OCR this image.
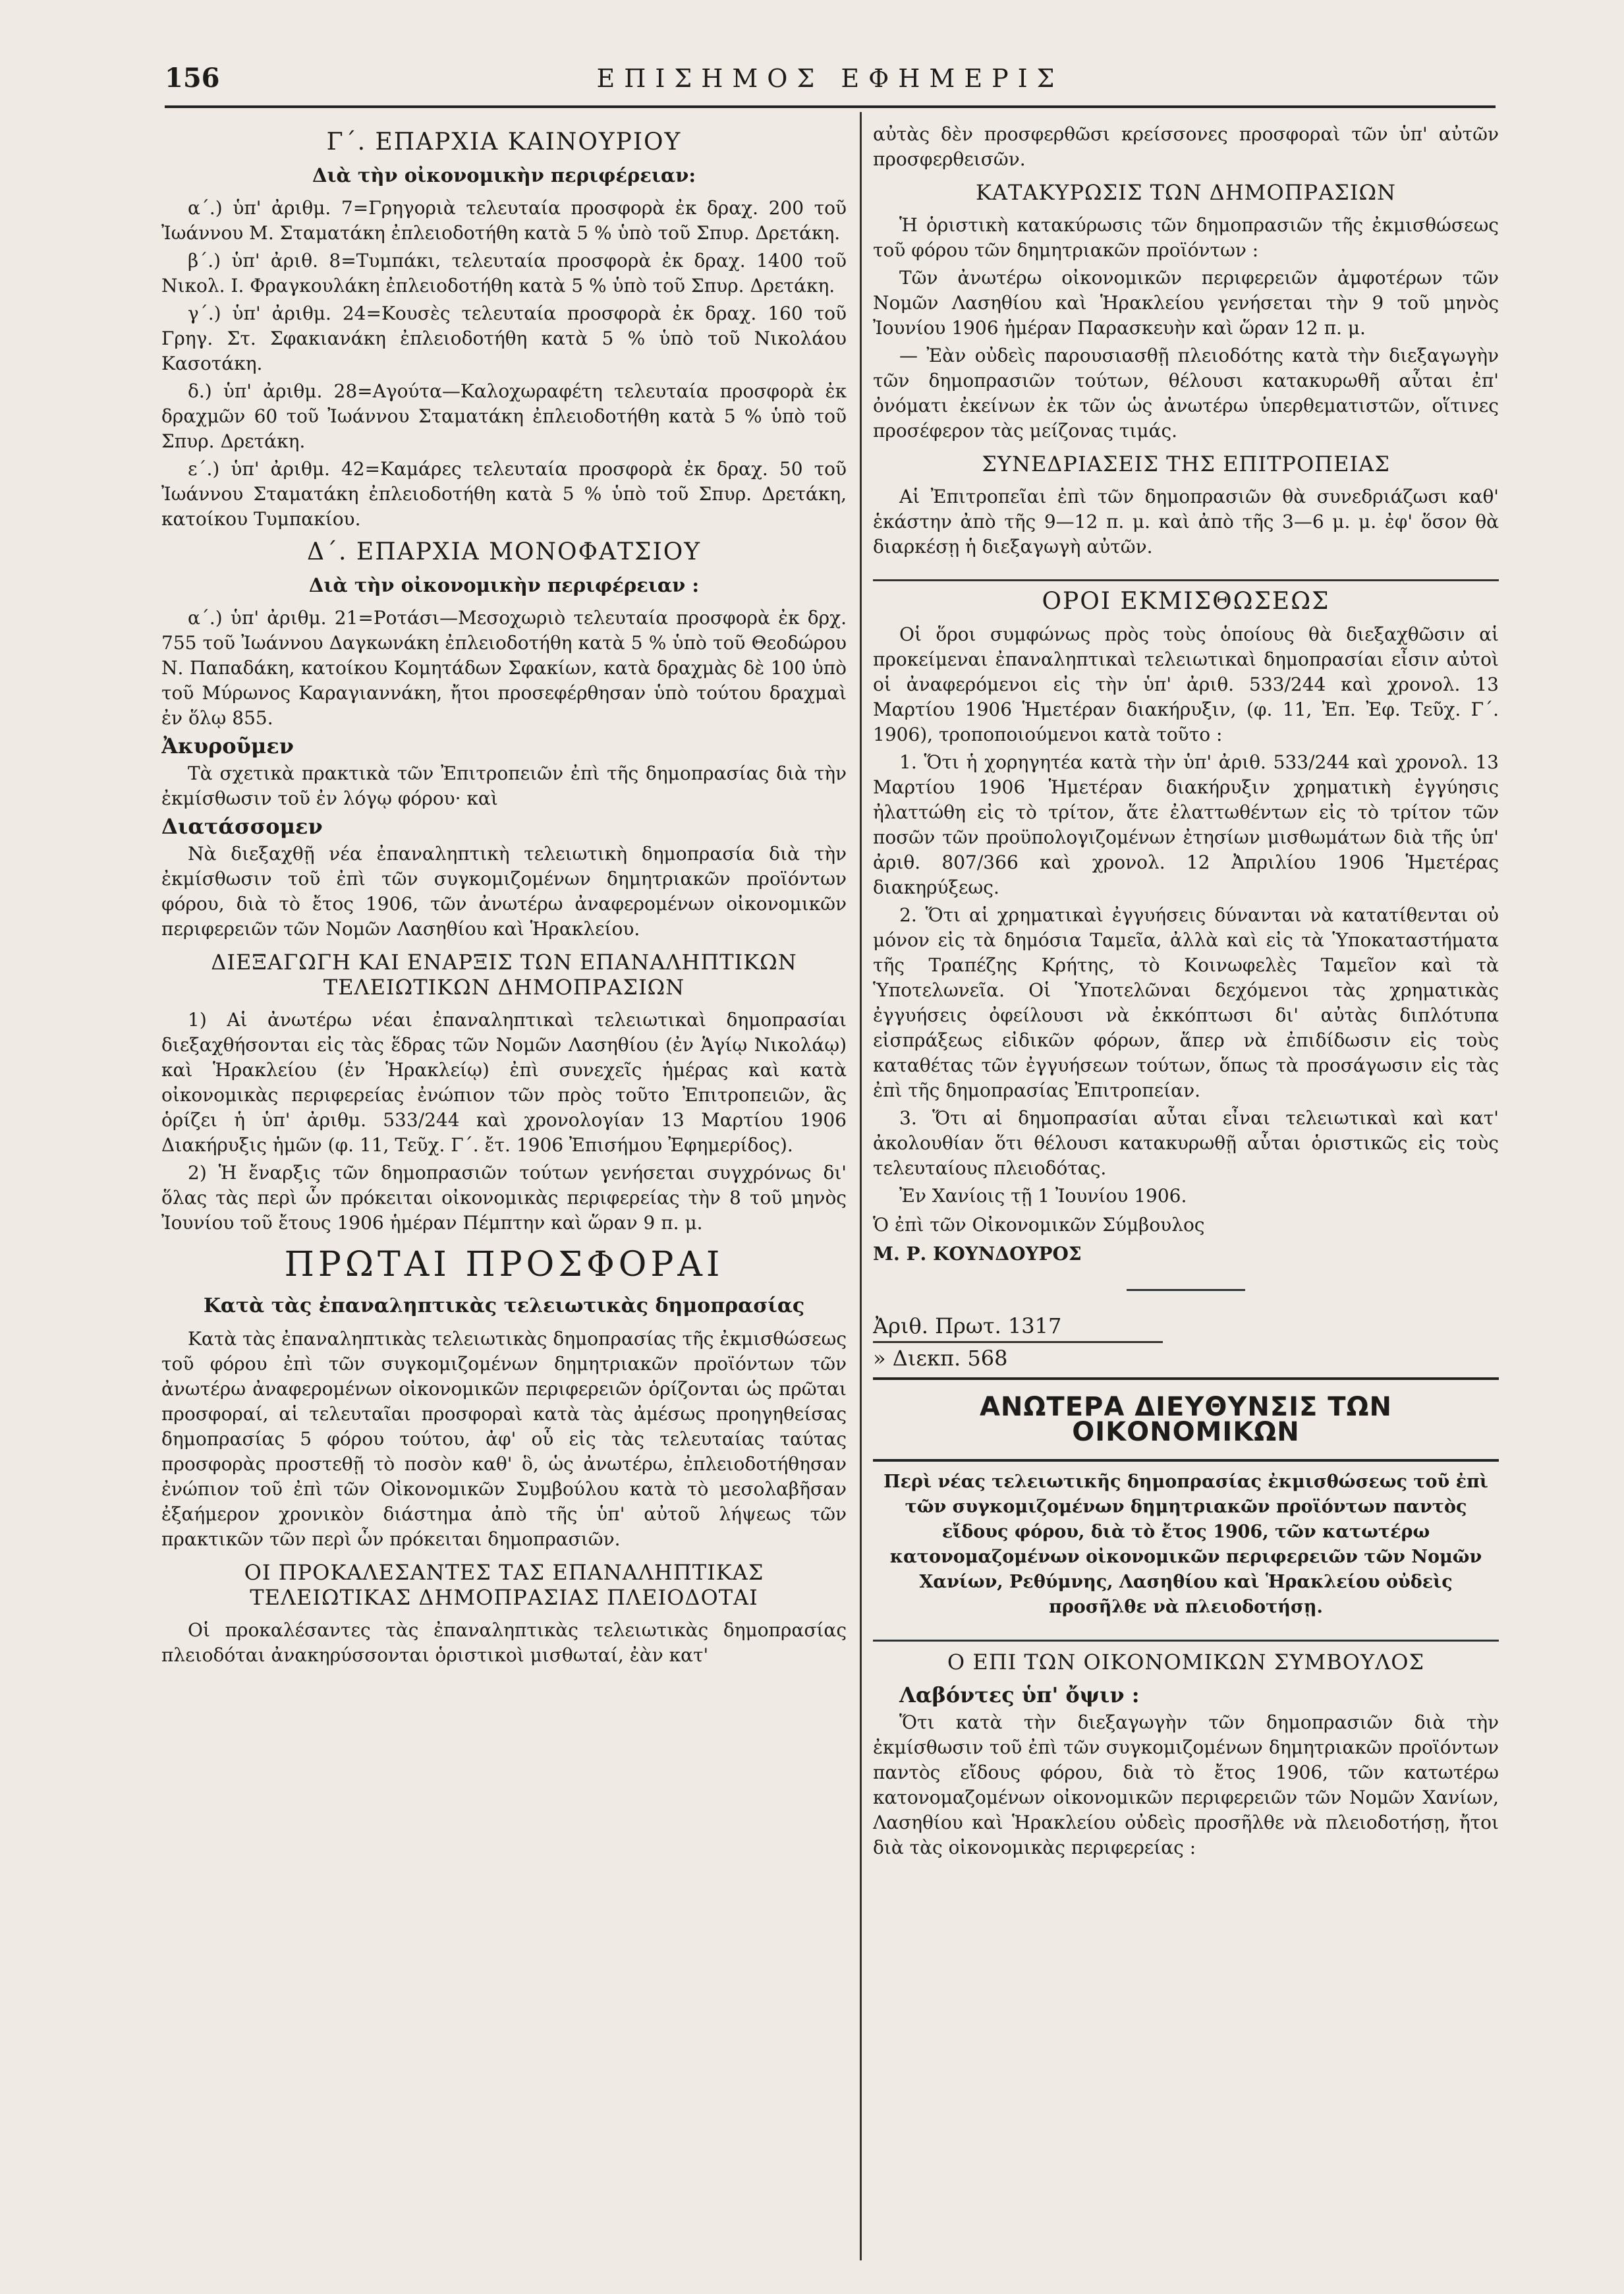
156	ΕΠΙΣΗΜΟΣ ΕΦΗΜΕΡΙΣ

Γ΄. ΕΠΑΡΧΙΑ ΚΑΙΝΟΥΡΙΟΥ

Διὰ τὴν οἰκονομικὴν περιφέρειαν:

α΄.) ὑπ' ἀριθμ. 7=Γρηγοριὰ τελευταία προσφορὰ ἐκ δραχ. 200 τοῦ Ἰωάννου Μ. Σταματάκη ἐπλειοδοτήθη κατὰ 5 % ὑπὸ τοῦ Σπυρ. Δρετάκη.

β΄.) ὑπ' ἀριθ. 8=Τυμπάκι, τελευταία προσφορὰ ἐκ δραχ. 1400 τοῦ Νικολ. Ι. Φραγκουλάκη ἐπλειοδοτήθη κατὰ 5 % ὑπὸ τοῦ Σπυρ. Δρετάκη.

γ΄.) ὑπ' ἀριθμ. 24=Κουσὲς τελευταία προσφορὰ ἐκ δραχ. 160 τοῦ Γρηγ. Στ. Σφακιανάκη ἐπλειοδοτήθη κατὰ 5 % ὑπὸ τοῦ Νικολάου Κασοτάκη.

δ.) ὑπ' ἀριθμ. 28=Αγούτα—Καλοχωραφέτη τελευταία προσφορὰ ἐκ δραχμῶν 60 τοῦ Ἰωάννου Σταματάκη ἐπλειοδοτήθη κατὰ 5 % ὑπὸ τοῦ Σπυρ. Δρετάκη.

ε΄.) ὑπ' ἀριθμ. 42=Καμάρες τελευταία προσφορὰ ἐκ δραχ. 50 τοῦ Ἰωάννου Σταματάκη ἐπλειοδοτήθη κατὰ 5 % ὑπὸ τοῦ Σπυρ. Δρετάκη, κατοίκου Τυμπακίου.

Δ΄. ΕΠΑΡΧΙΑ ΜΟΝΟΦΑΤΣΙΟΥ

Διὰ τὴν οἰκονομικὴν περιφέρειαν :

α΄.) ὑπ' ἀριθμ. 21=Ροτάσι—Μεσοχωριὸ τελευταία προσφορὰ ἐκ δρχ. 755 τοῦ Ἰωάννου Δαγκωνάκη ἐπλειοδοτήθη κατὰ 5 % ὑπὸ τοῦ Θεοδώρου Ν. Παπαδάκη, κατοίκου Κομητάδων Σφακίων, κατὰ δραχμὰς δὲ 100 ὑπὸ τοῦ Μύρωνος Καραγιαννάκη, ἤτοι προσεφέρθησαν ὑπὸ τούτου δραχμαὶ ἐν ὅλῳ 855.

Ἀκυροῦμεν

Τὰ σχετικὰ πρακτικὰ τῶν Ἐπιτροπειῶν ἐπὶ τῆς δημοπρασίας διὰ τὴν ἐκμίσθωσιν τοῦ ἐν λόγῳ φόρου· καὶ

Διατάσσομεν

Νὰ διεξαχθῇ νέα ἐπαναληπτικὴ τελειωτικὴ δημοπρασία διὰ τὴν ἐκμίσθωσιν τοῦ ἐπὶ τῶν συγκομιζομένων δημητριακῶν προϊόντων φόρου, διὰ τὸ ἔτος 1906, τῶν ἀνωτέρω ἀναφερομένων οἰκονομικῶν περιφερειῶν τῶν Νομῶν Λασηθίου καὶ Ἡρακλείου.

ΔΙΕΞΑΓΩΓΗ ΚΑΙ ΕΝΑΡΞΙΣ ΤΩΝ ΕΠΑΝΑΛΗΠΤΙΚΩΝ ΤΕΛΕΙΩΤΙΚΩΝ ΔΗΜΟΠΡΑΣΙΩΝ

1) Αἱ ἀνωτέρω νέαι ἐπαναληπτικαὶ τελειωτικαὶ δημοπρασίαι διεξαχθήσονται εἰς τὰς ἕδρας τῶν Νομῶν Λασηθίου (ἐν Ἁγίῳ Νικολάῳ) καὶ Ἡρακλείου (ἐν Ἡρακλείῳ) ἐπὶ συνεχεῖς ἡμέρας καὶ κατὰ οἰκονομικὰς περιφερείας ἐνώπιον τῶν πρὸς τοῦτο Ἐπιτροπειῶν, ἃς ὁρίζει ἡ ὑπ' ἀριθμ. 533/244 καὶ χρονολογίαν 13 Μαρτίου 1906 Διακήρυξις ἡμῶν (φ. 11, Τεῦχ. Γ΄. ἔτ. 1906 Ἐπισήμου Ἐφημερίδος).

2) Ἡ ἔναρξις τῶν δημοπρασιῶν τούτων γενήσεται συγχρόνως δι' ὅλας τὰς περὶ ὧν πρόκειται οἰκονομικὰς περιφερείας τὴν 8 τοῦ μηνὸς Ἰουνίου τοῦ ἔτους 1906 ἡμέραν Πέμπτην καὶ ὥραν 9 π. μ.

ΠΡΩΤΑΙ ΠΡΟΣΦΟΡΑΙ

Κατὰ τὰς ἐπαναληπτικὰς τελειωτικὰς δημοπρασίας

Κατὰ τὰς ἐπαναληπτικὰς τελειωτικὰς δημοπρασίας τῆς ἐκμισθώσεως τοῦ φόρου ἐπὶ τῶν συγκομιζομένων δημητριακῶν προϊόντων τῶν ἀνωτέρω ἀναφερομένων οἰκονομικῶν περιφερειῶν ὁρίζονται ὡς πρῶται προσφοραί, αἱ τελευταῖαι προσφοραὶ κατὰ τὰς ἀμέσως προηγηθείσας δημοπρασίας 5 φόρου τούτου, ἀφ' οὗ εἰς τὰς τελευταίας ταύτας προσφορὰς προστεθῇ τὸ ποσὸν καθ' ὃ, ὡς ἀνωτέρω, ἐπλειοδοτήθησαν ἐνώπιον τοῦ ἐπὶ τῶν Οἰκονομικῶν Συμβούλου κατὰ τὸ μεσολαβῆσαν ἐξαήμερον χρονικὸν διάστημα ἀπὸ τῆς ὑπ' αὐτοῦ λήψεως τῶν πρακτικῶν τῶν περὶ ὧν πρόκειται δημοπρασιῶν.

ΟΙ ΠΡΟΚΑΛΕΣΑΝΤΕΣ ΤΑΣ ΕΠΑΝΑΛΗΠΤΙΚΑΣ ΤΕΛΕΙΩΤΙΚΑΣ ΔΗΜΟΠΡΑΣΙΑΣ ΠΛΕΙΟΔΟΤΑΙ

Οἱ προκαλέσαντες τὰς ἐπαναληπτικὰς τελειωτικὰς δημοπρασίας πλειοδόται ἀνακηρύσσονται ὁριστικοὶ μισθωταί, ἐὰν κατ'

αὐτὰς δὲν προσφερθῶσι κρείσσονες προσφοραὶ τῶν ὑπ' αὐτῶν προσφερθεισῶν.

ΚΑΤΑΚΥΡΩΣΙΣ ΤΩΝ ΔΗΜΟΠΡΑΣΙΩΝ

Ἡ ὁριστικὴ κατακύρωσις τῶν δημοπρασιῶν τῆς ἐκμισθώσεως τοῦ φόρου τῶν δημητριακῶν προϊόντων :

Τῶν ἀνωτέρω οἰκονομικῶν περιφερειῶν ἀμφοτέρων τῶν Νομῶν Λασηθίου καὶ Ἡρακλείου γενήσεται τὴν 9 τοῦ μηνὸς Ἰουνίου 1906 ἡμέραν Παρασκευὴν καὶ ὥραν 12 π. μ.

— Ἐὰν οὐδεὶς παρουσιασθῇ πλειοδότης κατὰ τὴν διεξαγωγὴν τῶν δημοπρασιῶν τούτων, θέλουσι κατακυρωθῆ αὗται ἐπ' ὀνόματι ἐκείνων ἐκ τῶν ὡς ἀνωτέρω ὑπερθεματιστῶν, οἵτινες προσέφερον τὰς μείζονας τιμάς.

ΣΥΝΕΔΡΙΑΣΕΙΣ ΤΗΣ ΕΠΙΤΡΟΠΕΙΑΣ

Αἱ Ἐπιτροπεῖαι ἐπὶ τῶν δημοπρασιῶν θὰ συνεδριάζωσι καθ' ἑκάστην ἀπὸ τῆς 9—12 π. μ. καὶ ἀπὸ τῆς 3—6 μ. μ. ἐφ' ὅσον θὰ διαρκέσῃ ἡ διεξαγωγὴ αὐτῶν.

ΟΡΟΙ ΕΚΜΙΣΘΩΣΕΩΣ

Οἱ ὅροι συμφώνως πρὸς τοὺς ὁποίους θὰ διεξαχθῶσιν αἱ προκείμεναι ἐπαναληπτικαὶ τελειωτικαὶ δημοπρασίαι εἶσιν αὐτοὶ οἱ ἀναφερόμενοι εἰς τὴν ὑπ' ἀριθ. 533/244 καὶ χρονολ. 13 Μαρτίου 1906 Ἡμετέραν διακήρυξιν, (φ. 11, Ἐπ. Ἐφ. Τεῦχ. Γ΄. 1906), τροποποιούμενοι κατὰ τοῦτο :

1. Ὅτι ἡ χορηγητέα κατὰ τὴν ὑπ' ἀριθ. 533/244 καὶ χρονολ. 13 Μαρτίου 1906 Ἡμετέραν διακήρυξιν χρηματικὴ ἐγγύησις ἠλαττώθη εἰς τὸ τρίτον, ἅτε ἐλαττωθέντων εἰς τὸ τρίτον τῶν ποσῶν τῶν προϋπολογιζομένων ἐτησίων μισθωμάτων διὰ τῆς ὑπ' ἀριθ. 807/366 καὶ χρονολ. 12 Ἀπριλίου 1906 Ἡμετέρας διακηρύξεως.

2. Ὅτι αἱ χρηματικαὶ ἐγγυήσεις δύνανται νὰ κατατίθενται οὐ μόνον εἰς τὰ δημόσια Ταμεῖα, ἀλλὰ καὶ εἰς τὰ Ὑποκαταστήματα τῆς Τραπέζης Κρήτης, τὸ Κοινωφελὲς Ταμεῖον καὶ τὰ Ὑποτελωνεῖα. Οἱ Ὑποτελῶναι δεχόμενοι τὰς χρηματικὰς ἐγγυήσεις ὀφείλουσι νὰ ἐκκόπτωσι δι' αὐτὰς διπλότυπα εἰσπράξεως εἰδικῶν φόρων, ἅπερ νὰ ἐπιδίδωσιν εἰς τοὺς καταθέτας τῶν ἐγγυήσεων τούτων, ὅπως τὰ προσάγωσιν εἰς τὰς ἐπὶ τῆς δημοπρασίας Ἐπιτροπείαν.

3. Ὅτι αἱ δημοπρασίαι αὗται εἶναι τελειωτικαὶ καὶ κατ' ἀκολουθίαν ὅτι θέλουσι κατακυρωθῇ αὗται ὁριστικῶς εἰς τοὺς τελευταίους πλειοδότας.

Ἐν Χανίοις τῇ 1 Ἰουνίου 1906.

Ὁ ἐπὶ τῶν Οἰκονομικῶν Σύμβουλος

Μ. Ρ. ΚΟΥΝΔΟΥΡΟΣ

Ἀριθ. Πρωτ. 1317

» Διεκπ. 568

ΑΝΩΤΕΡΑ ΔΙΕΥΘΥΝΣΙΣ ΤΩΝ ΟΙΚΟΝΟΜΙΚΩΝ

Περὶ νέας τελειωτικῆς δημοπρασίας ἐκμισθώσεως τοῦ ἐπὶ τῶν συγκομιζομένων δημητριακῶν προϊόντων παντὸς εἴδους φόρου, διὰ τὸ ἔτος 1906, τῶν κατωτέρω κατονομαζομένων οἰκονομικῶν περιφερειῶν τῶν Νομῶν Χανίων, Ρεθύμνης, Λασηθίου καὶ Ἡρακλείου οὐδεὶς προσῆλθε νὰ πλειοδοτήσῃ.

Ο ΕΠΙ ΤΩΝ ΟΙΚΟΝΟΜΙΚΩΝ ΣΥΜΒΟΥΛΟΣ

Λαβόντες ὑπ' ὄψιν :

Ὅτι κατὰ τὴν διεξαγωγὴν τῶν δημοπρασιῶν διὰ τὴν ἐκμίσθωσιν τοῦ ἐπὶ τῶν συγκομιζομένων δημητριακῶν προϊόντων παντὸς εἴδους φόρου, διὰ τὸ ἔτος 1906, τῶν κατωτέρω κατονομαζομένων οἰκονομικῶν περιφερειῶν τῶν Νομῶν Χανίων, Λασηθίου καὶ Ἡρακλείου οὐδεὶς προσῆλθε νὰ πλειοδοτήσῃ, ἤτοι διὰ τὰς οἰκονομικὰς περιφερείας :
